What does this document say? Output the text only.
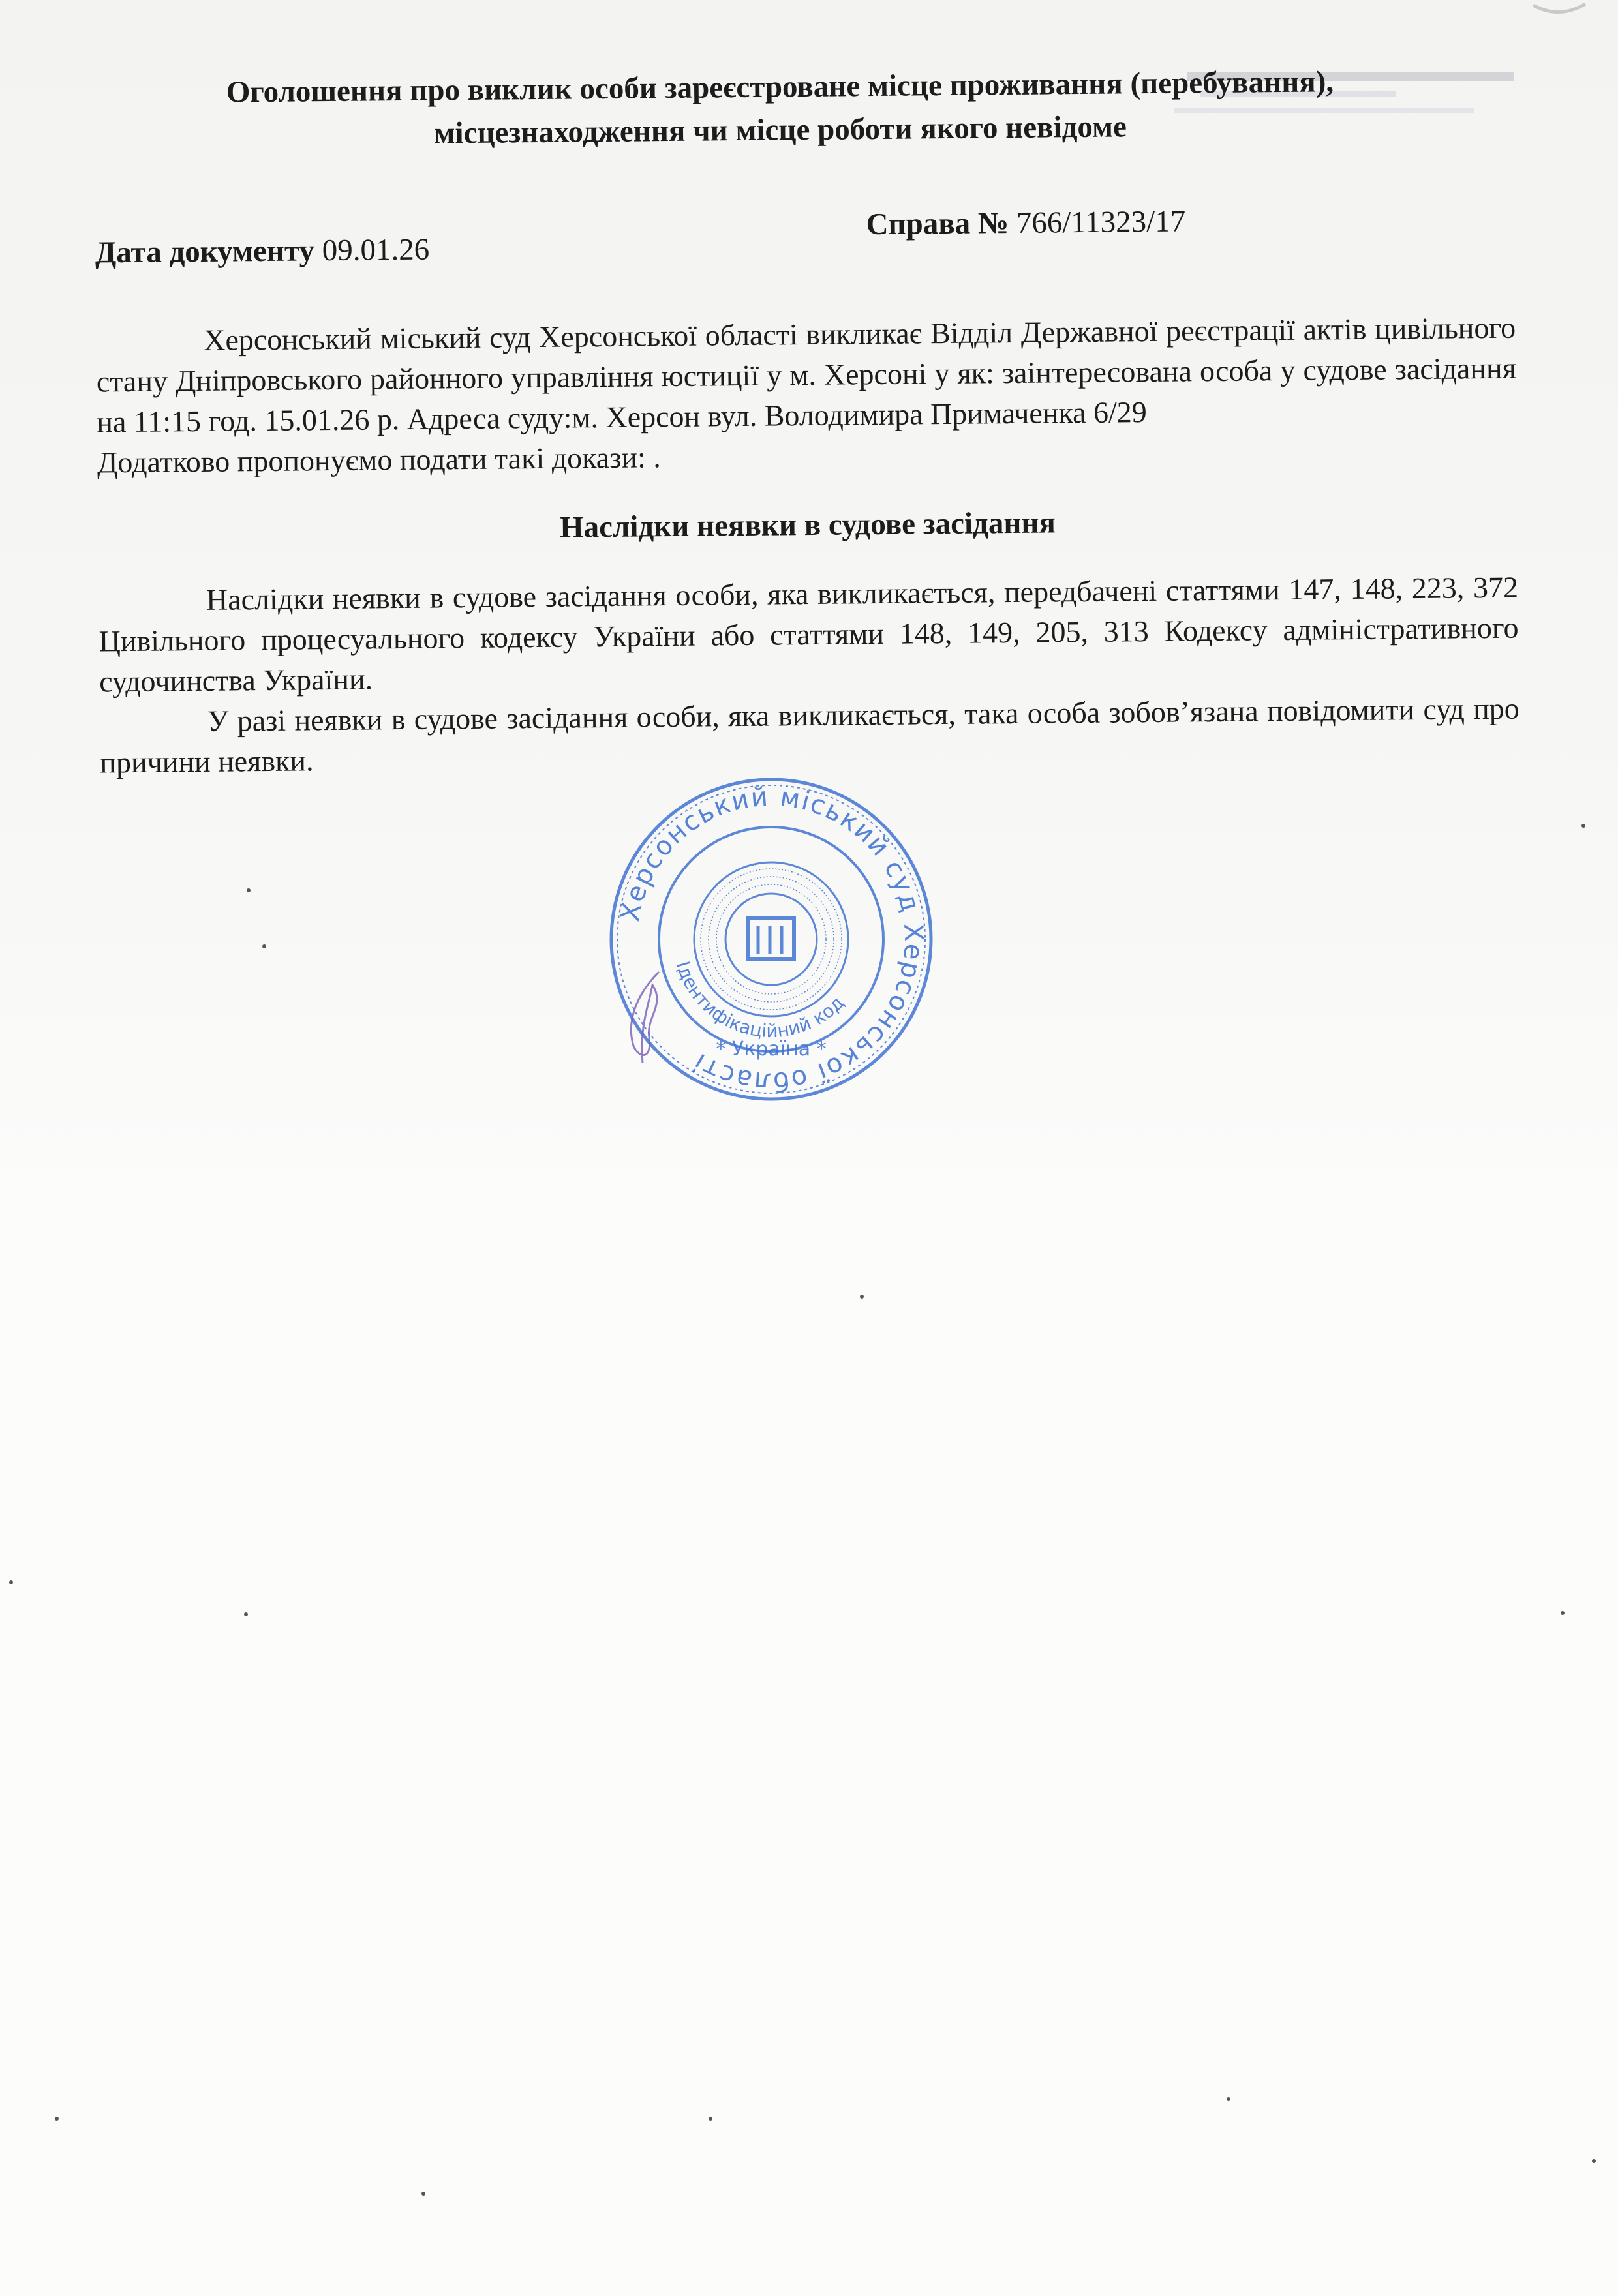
Оголошення про виклик особи зареєстроване місце проживання (перебування),
місцезнаходження чи місце роботи якого невідоме
Дата документу 09.01.26
Справа № 766/11323/17

Херсонський міський суд Херсонської області викликає Відділ Державної реєстрації актів цивільного стану Дніпровського районного управління юстиції у м. Херсоні у як: заінтересована особа у судове засідання на 11:15 год. 15.01.26 р. Адреса суду:м. Херсон вул. Володимира Примаченка 6/29

Додатково пропонуємо подати такі докази: .

Наслідки неявки в судове засідання

Наслідки неявки в судове засідання особи, яка викликається, передбачені статтями 147, 148, 223, 372 Цивільного процесуального кодексу України або статтями 148, 149, 205, 313 Кодексу адміністративного судочинства України.

У разі неявки в судове засідання особи, яка викликається, така особа зобов’язана повідомити суд про причини неявки.

Херсонський міський суд Херсонської області
Ідентифікаційний код
* Україна *
